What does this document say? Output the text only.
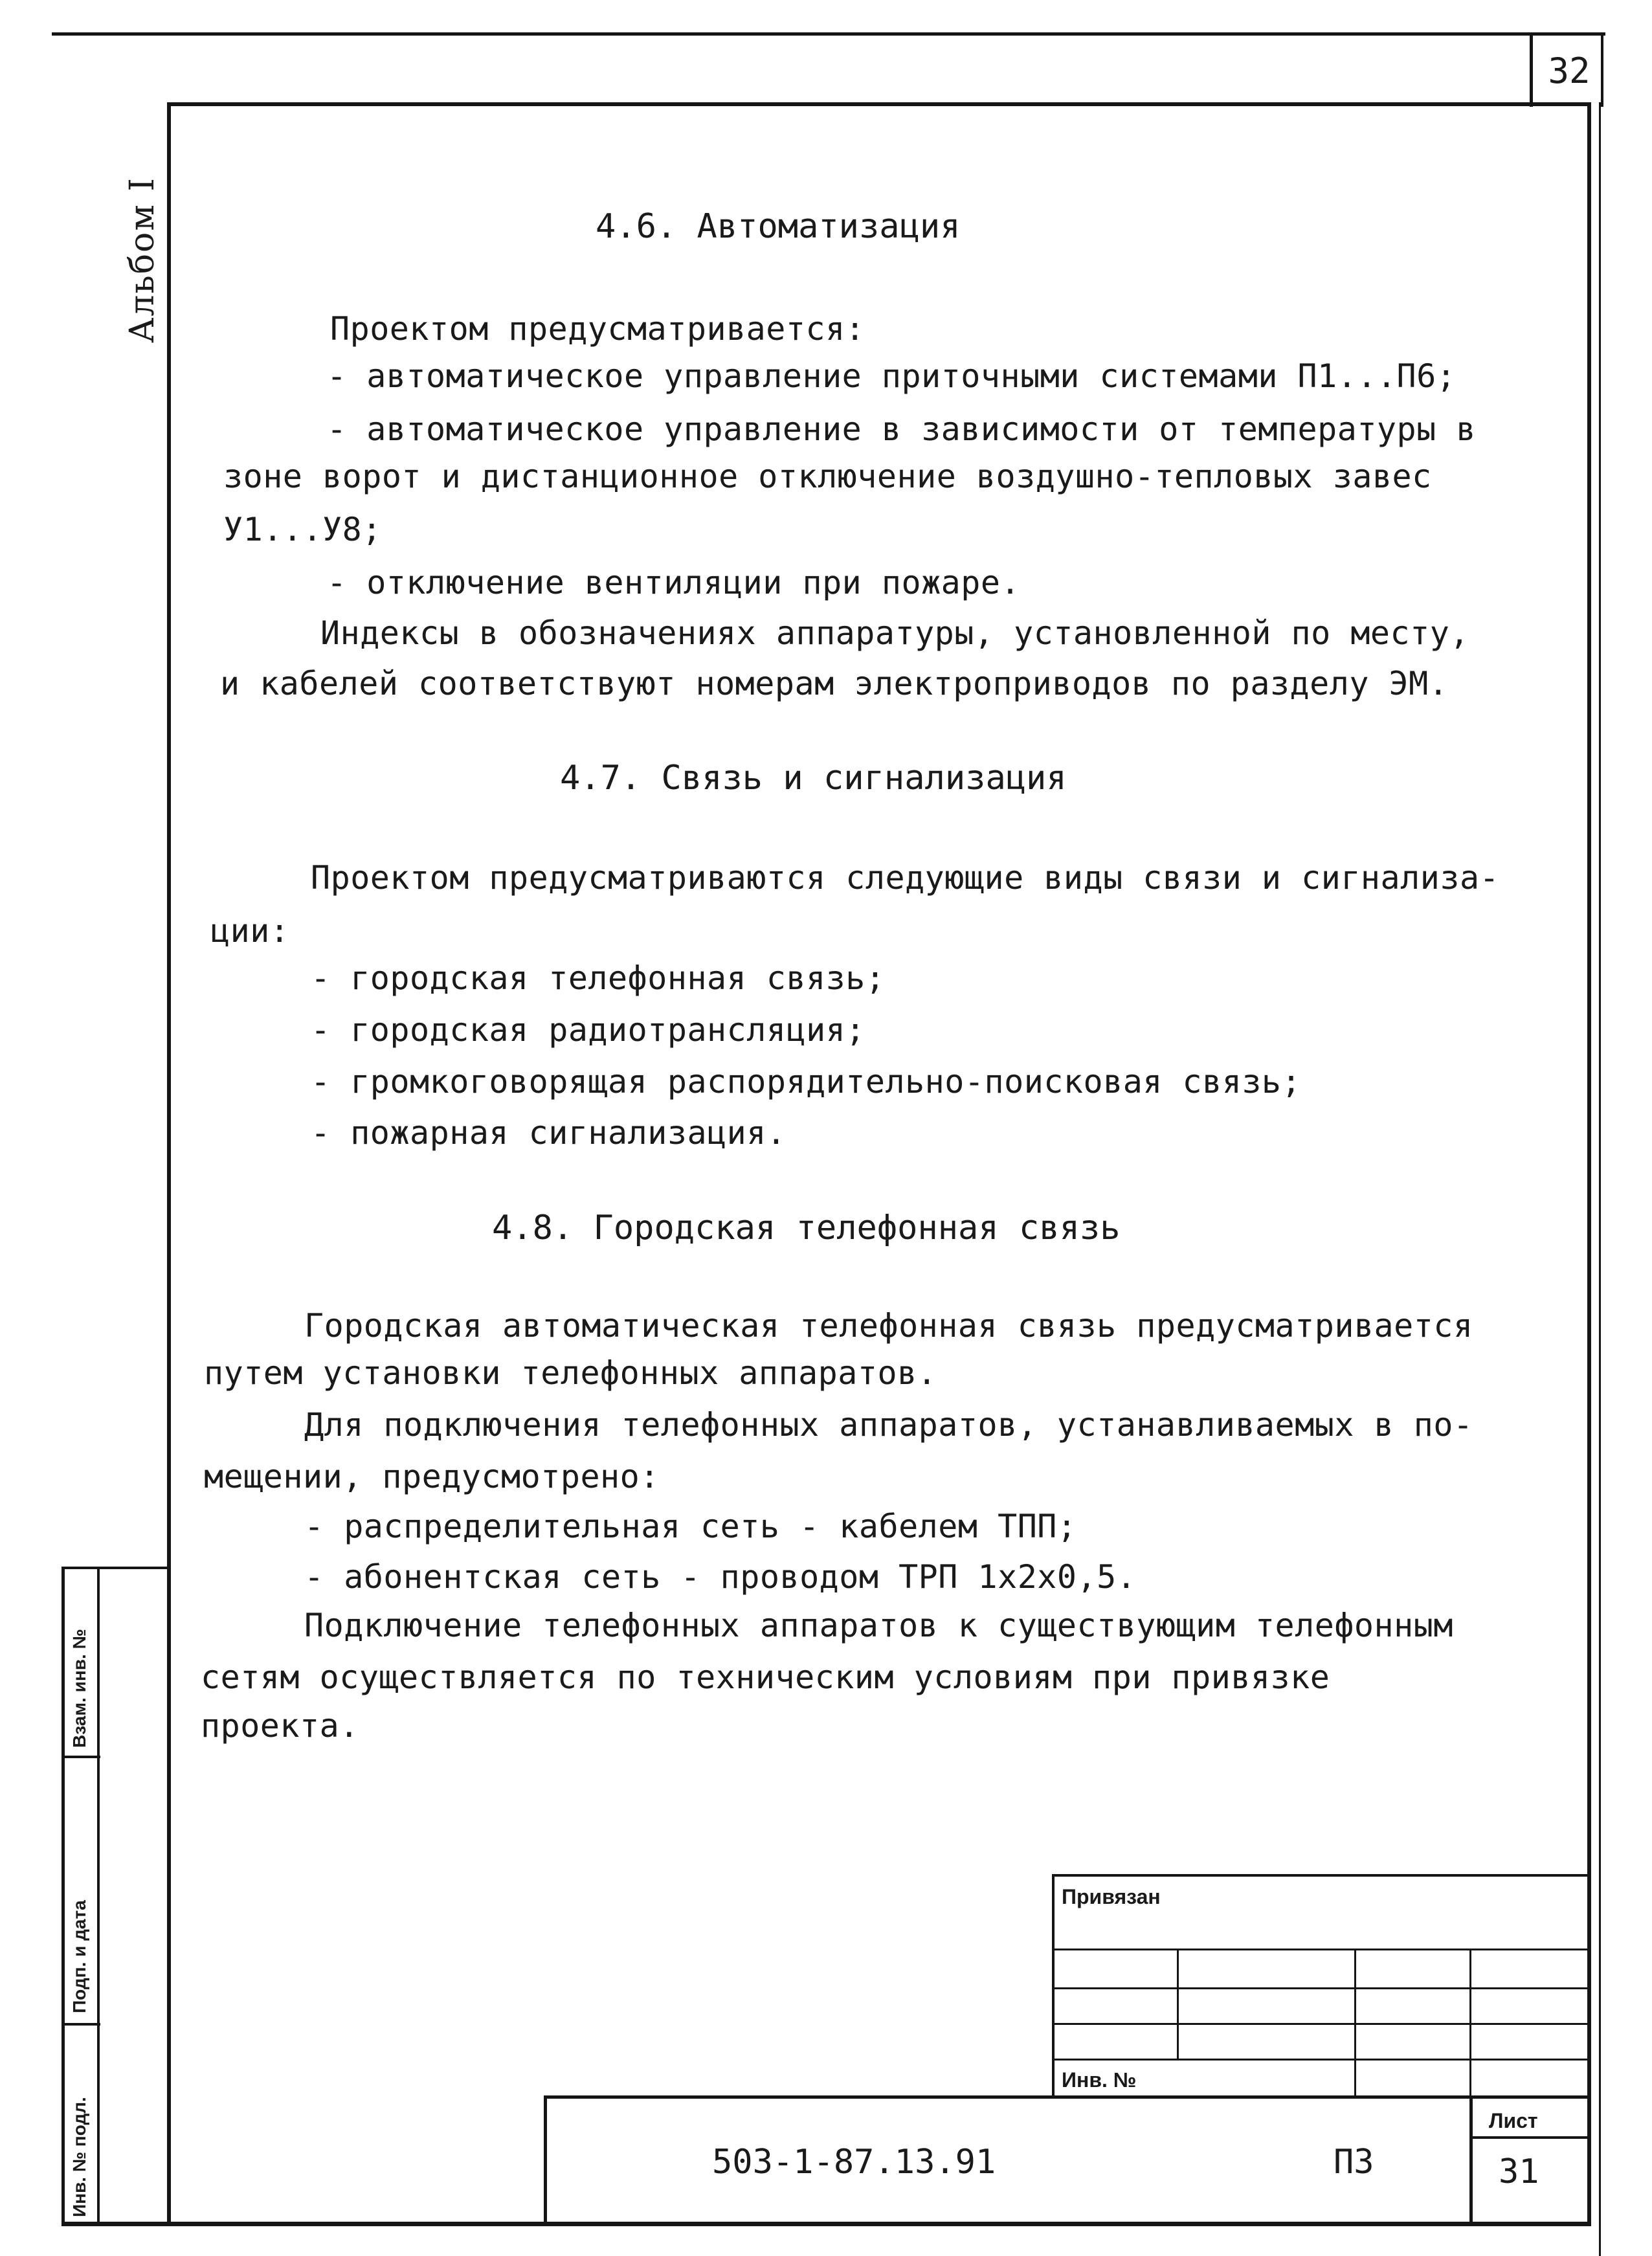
32
Альбом I	4.6. Автоматизация
Проектом предусматривается:
- автоматическое управление приточными системами П1...П6;
- автоматическое управление в зависимости от температуры в
зоне ворот и дистанционное отключение воздушно-тепловых завес
У1...У8;
- отключение вентиляции при пожаре.
Индексы в обозначениях аппаратуры, установленной по месту,
и кабелей соответствуют номерам электроприводов по разделу ЭМ.
4.7. Связь и сигнализация
Проектом предусматриваются следующие виды связи и сигнализа-
ции:
- городская телефонная связь;
- городская радиотрансляция;
- громкоговорящая распорядительно-поисковая связь;
- пожарная сигнализация.
4.8. Городская телефонная связь
Городская автоматическая телефонная связь предусматривается
путем установки телефонных аппаратов.
Для подключения телефонных аппаратов, устанавливаемых в по-
мещении, предусмотрено:
- распределительная сеть - кабелем ТПП;
- абонентская сеть - проводом ТРП 1х2х0,5.
Подключение телефонных аппаратов к существующим телефонным
сетям осуществляется по техническим условиям при привязке
проекта.
Взам. инв. №
Подп. и дата
Инв. № подл.
Привязан
Инв. №
503-1-87.13.91	ПЗ
Лист
31
